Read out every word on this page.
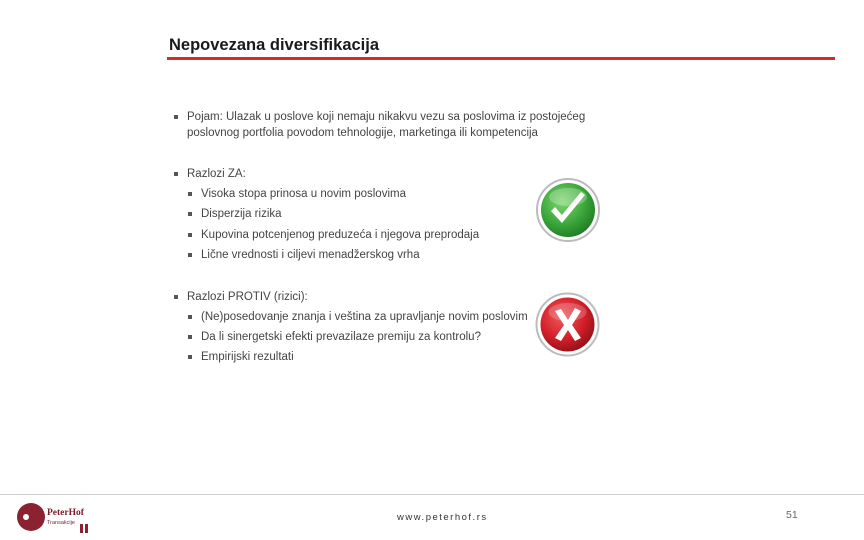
Nepovezana diversifikacija
Pojam: Ulazak u poslove koji nemaju nikakvu vezu sa poslovima iz postojećeg
poslovnog portfolia povodom tehnologije, marketinga ili kompetencija
Razlozi ZA:
Visoka stopa prinosa u novim poslovima
Disperzija rizika
Kupovina potcenjenog preduzeća i njegova preprodaja
Lične vrednosti i ciljevi menadžerskog vrha
Razlozi PROTIV (rizici):
(Ne)posedovanje znanja i veština za upravljanje novim poslovim
Da li sinergetski efekti prevazilaze premiju za kontrolu?
Empirijski rezultati
PeterHof
Transakcije	www.peterhof.rs	51
